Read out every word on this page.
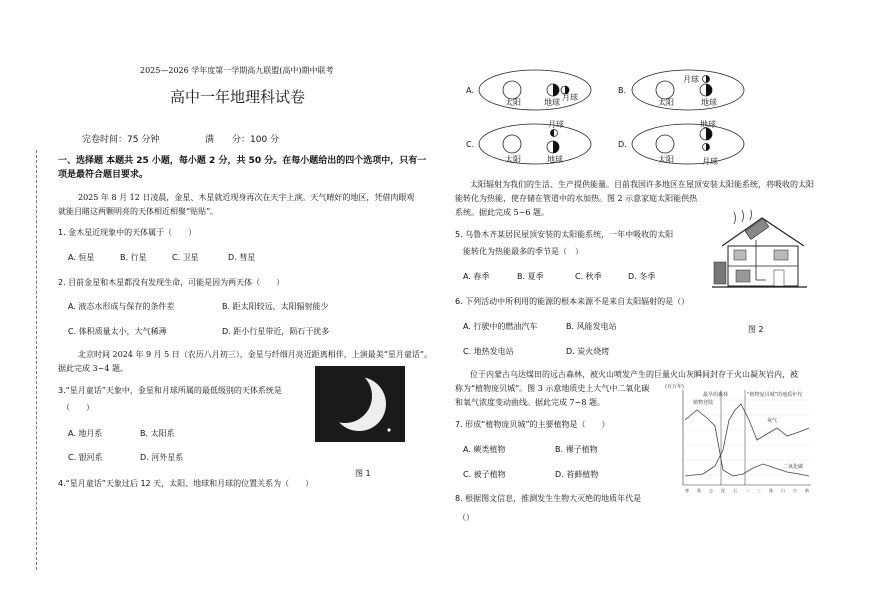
2025—2026 学年度第一学期高九联盟(高中)期中联考
高中一年地理科试卷
完卷时间：75 分钟	满　　分：100 分
一、选择题 本题共 25 小题，每小题 2 分，共 50 分。在每小题给出的四个选项中，只有一
项是最符合题目要求。
2025 年 8 月 12 日凌晨，金星、木星就近现身再次在天宇上演。天气晴好的地区，凭借肉眼观
就能目睹这两颗明亮的天体相近相聚“贴贴”。
1. 金木星近现象中的天体属于（　　）
A. 恒星	B. 行星	C. 卫星	D. 彗星
2. 目前金星和木星都没有发现生命，可能是因为两天体（　　）
A. 液态水形成与保存的条件差	B. 距太阳较远，太阳辐射能少
C. 体积质量太小，大气稀薄	D. 距小行星带近，陨石干扰多
北京时间 2024 年 9 月 5 日（农历八月初三），金星与纤细月亮近距离相伴，上演最美“星月童话”。
据此完成 3~4 题。
3.“星月童话”天象中，金星和月球所属的最低级别的天体系统是
（　　）
A. 地月系	B. 太阳系
C. 银河系	D. 河外星系
图 1
4.“星月童话”天象过后 12 天，太阳、地球和月球的位置关系为（　　）
A.
太阳	地球
月球
B.
太阳	地球
月球
C.
太阳	地球
月球
D.
太阳
地球
月球
太阳辐射为我们的生活、生产提供能量。目前我国许多地区在屋顶安装太阳能系统，将吸收的太阳
能转化为热能，使存储在管道中的水加热。图 2 示意家庭太阳能供热
系统。据此完成 5~6 题。
5. 乌鲁木齐某居民屋顶安装的太阳能系统，一年中吸收的太阳
能转化为热能最多的季节是（　）
A. 春季	B. 夏季	C. 秋季	D. 冬季
6. 下列活动中所利用的能源的根本来源不是来自太阳辐射的是（）
A. 行驶中的燃油汽车	B. 风能发电站
C. 地热发电站	D. 炭火烧烤
图 2
位于内蒙古乌达煤田的远古森林，被火山喷发产生的巨量火山灰瞬间封存于火山凝灰岩内，被
称为“植物庞贝城”。图 3 示意地质史上大气中二氧化碳
和氧气浓度变动曲线。据此完成 7~8 题。
7. 形成“植物庞贝城”的主要植物是（　　）
A. 蕨类植物	B. 裸子植物
C. 被子植物	D. 苔藓植物
8. 根据图文信息，推测发生生物大灭绝的地质年代是
（）
(百万年)
最早的森林
植物登陆
“植物庞贝城”的地质年代
氧气
二氧化碳
寒 奥 志 泥 石 二 三 侏 白 古 新
